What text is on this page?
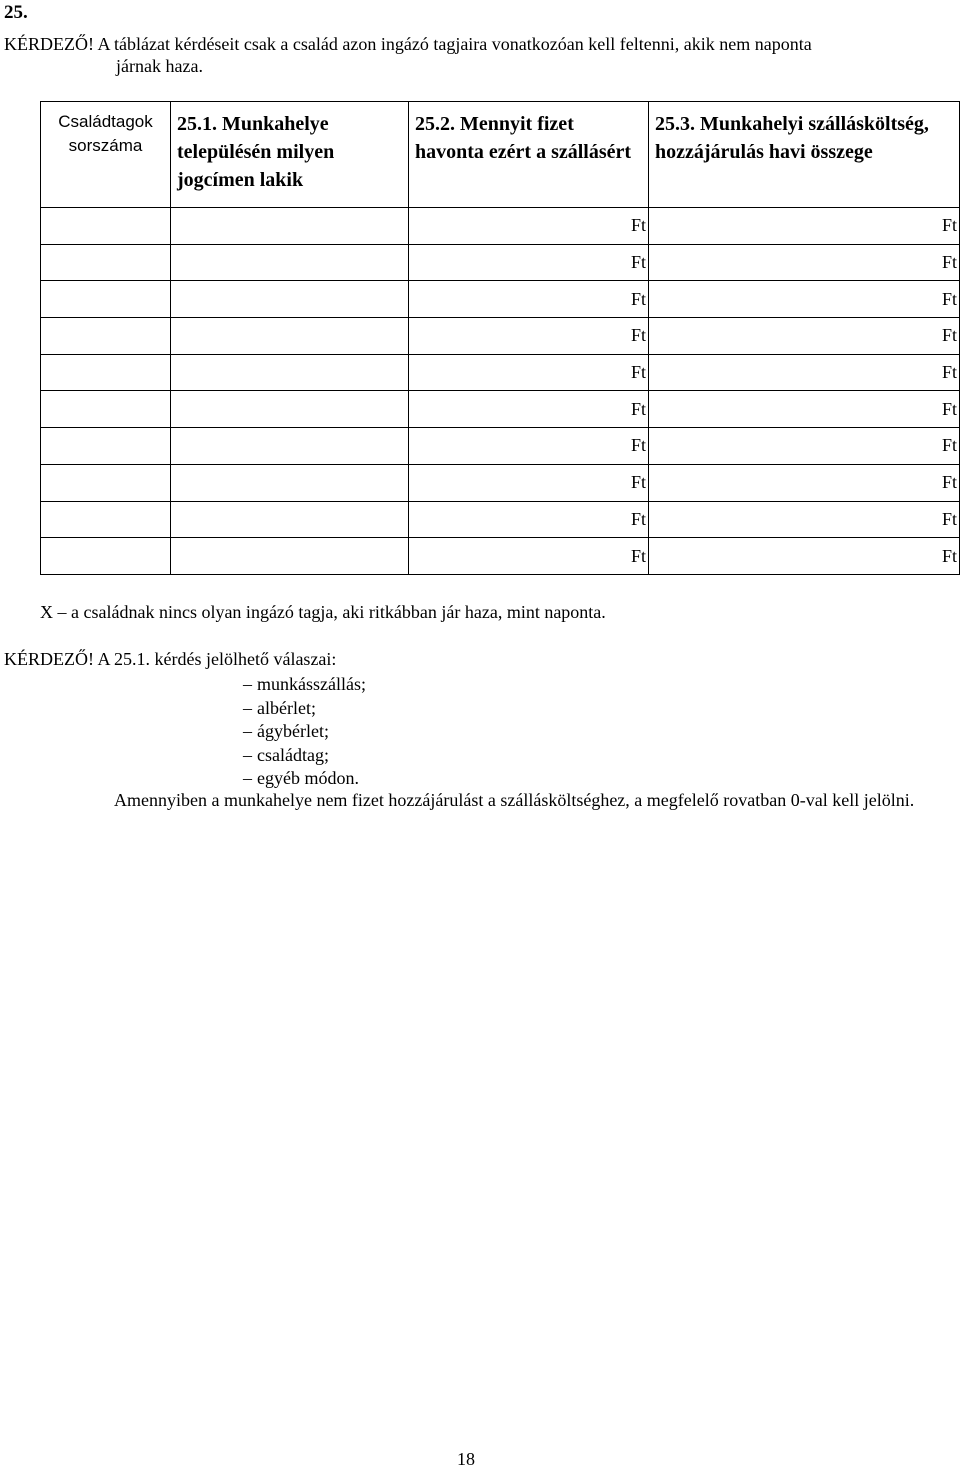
25.
KÉRDEZŐ! A táblázat kérdéseit csak a család azon ingázó tagjaira vonatkozóan kell feltenni, akik nem naponta
járnak haza.
Családtagok sorszáma	25.1. Munkahelye településén milyen jogcímen lakik	25.2. Mennyit fizet havonta ezért a szállásért	25.3. Munkahelyi szállásköltség, hozzájárulás havi összege
		Ft	Ft
		Ft	Ft
		Ft	Ft
		Ft	Ft
		Ft	Ft
		Ft	Ft
		Ft	Ft
		Ft	Ft
		Ft	Ft
		Ft	Ft
X – a családnak nincs olyan ingázó tagja, aki ritkábban jár haza, mint naponta.
KÉRDEZŐ! A 25.1. kérdés jelölhető válaszai:
– munkásszállás;
– albérlet;
– ágybérlet;
– családtag;
– egyéb módon.
Amennyiben a munkahelye nem fizet hozzájárulást a szállásköltséghez, a megfelelő rovatban 0-val kell jelölni.
18
